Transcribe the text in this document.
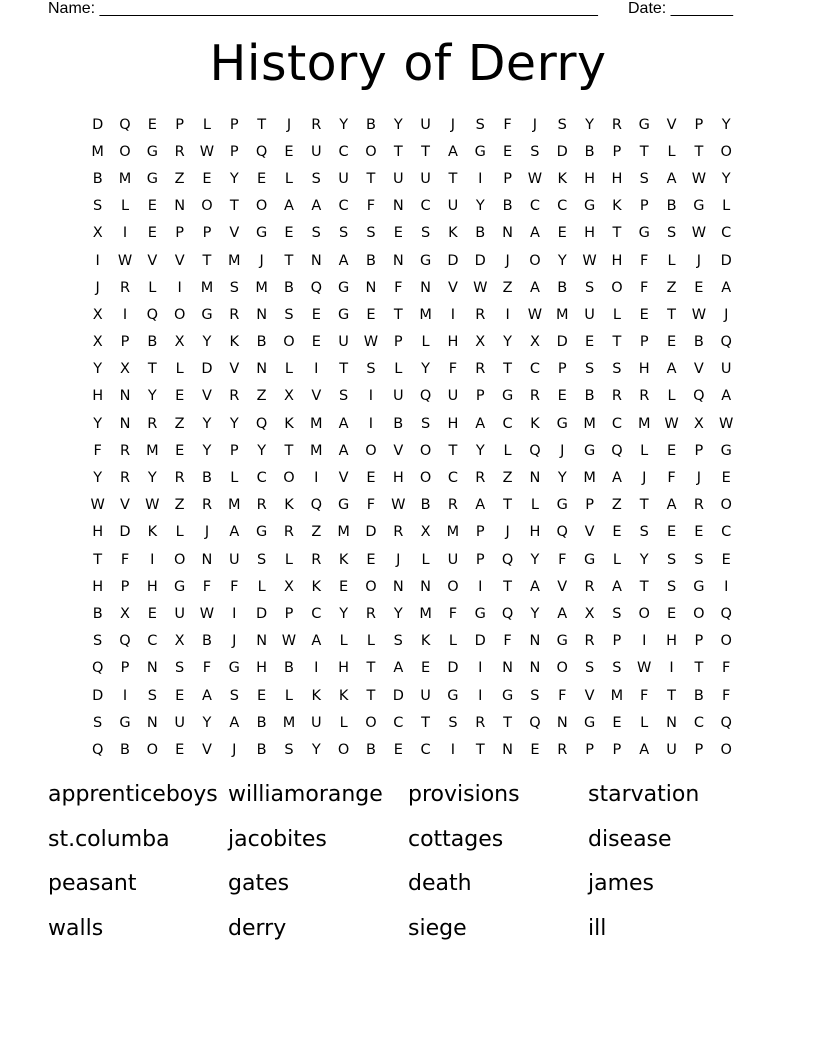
Name: ________________________________________________________ Date: _______
History of Derry
D	Q	E	P	L	P	T	J	R	Y	B	Y	U	J	S	F	J	S	Y	R	G	V	P	Y
M	O	G	R	W	P	Q	E	U	C	O	T	T	A	G	E	S	D	B	P	T	L	T	O
B	M	G	Z	E	Y	E	L	S	U	T	U	U	T	I	P	W	K	H	H	S	A	W	Y
S	L	E	N	O	T	O	A	A	C	F	N	C	U	Y	B	C	C	G	K	P	B	G	L
X	I	E	P	P	V	G	E	S	S	S	E	S	K	B	N	A	E	H	T	G	S	W	C
I	W	V	V	T	M	J	T	N	A	B	N	G	D	D	J	O	Y	W	H	F	L	J	D
J	R	L	I	M	S	M	B	Q	G	N	F	N	V	W	Z	A	B	S	O	F	Z	E	A
X	I	Q	O	G	R	N	S	E	G	E	T	M	I	R	I	W M	U	L	E	T	W	J
X	P	B	X	Y	K	B	O	E	U	W	P	L	H	X	Y	X	D	E	T	P	E	B	Q
Y	X	T	L	D	V	N	L	I	T	S	L	Y	F	R	T	C	P	S	S	H	A	V	U
H	N	Y	E	V	R	Z	X	V	S	I	U	Q	U	P	G	R	E	B	R	R	L	Q	A
Y	N	R	Z	Y	Y	Q	K	M	A	I	B	S	H	A	C	K	G	M	C	M W	X	W
F	R	M	E	Y	P	Y	T	M	A	O	V	O	T	Y	L	Q	J	G	Q	L	E	P	G
Y	R	Y	R	B	L	C	O	I	V	E	H	O	C	R	Z	N	Y	M	A	J	F	J	E
W	V	W	Z	R	M	R	K	Q	G	F	W	B	R	A	T	L	G	P	Z	T	A	R	O
H	D	K	L	J	A	G	R	Z	M	D	R	X	M	P	J	H	Q	V	E	S	E	E	C
T	F	I	O	N	U	S	L	R	K	E	J	L	U	P	Q	Y	F	G	L	Y	S	S	E
H	P	H	G	F	F	L	X	K	E	O	N	N	O	I	T	A	V	R	A	T	S	G	I
B	X	E	U	W	I	D	P	C	Y	R	Y	M	F	G	Q	Y	A	X	S	O	E	O	Q
S	Q	C	X	B	J	N	W	A	L	L	S	K	L	D	F	N	G	R	P	I	H	P	O
Q	P	N	S	F	G	H	B	I	H	T	A	E	D	I	N	N	O	S	S	W	I	T	F
D	I	S	E	A	S	E	L	K	K	T	D	U	G	I	G	S	F	V	M	F	T	B	F
S	G	N	U	Y	A	B	M	U	L	O	C	T	S	R	T	Q	N	G	E	L	N	C	Q
Q	B	O	E	V	J	B	S	Y	O	B	E	C	I	T	N	E	R	P	P	A	U	P	O
apprenticeboys williamorange	provisions	starvation
st.columba	jacobites	cottages	disease
peasant	gates	death	james
walls	derry	siege	ill
